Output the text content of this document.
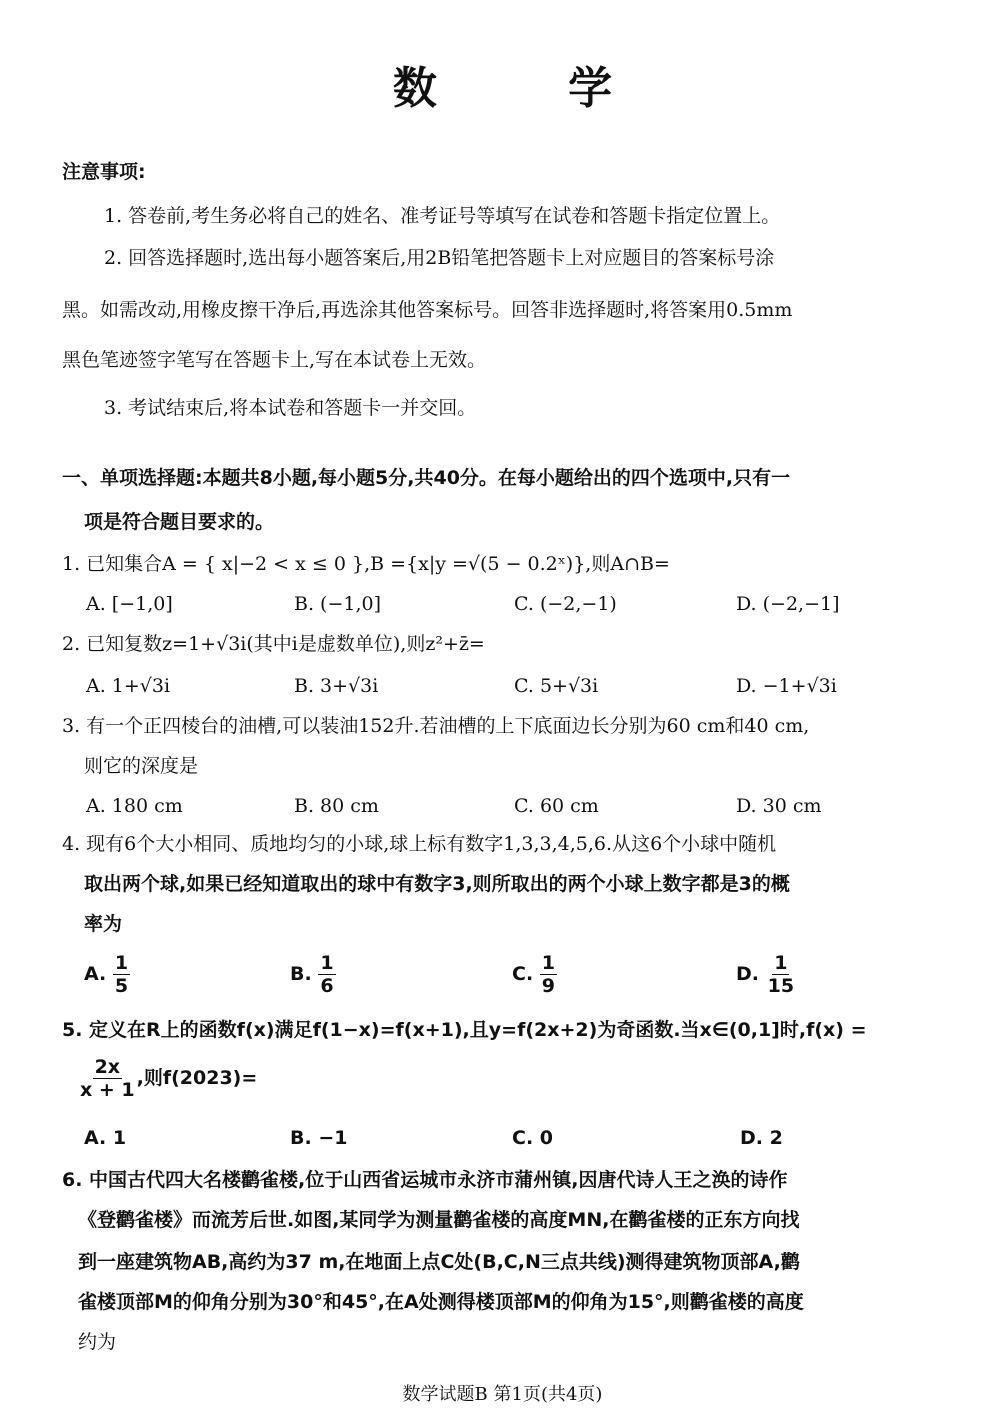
数 学
注意事项:
1. 答卷前,考生务必将自己的姓名、准考证号等填写在试卷和答题卡指定位置上。
2. 回答选择题时,选出每小题答案后,用2B铅笔把答题卡上对应题目的答案标号涂
黑。如需改动,用橡皮擦干净后,再选涂其他答案标号。回答非选择题时,将答案用0.5mm
黑色笔迹签字笔写在答题卡上,写在本试卷上无效。
3. 考试结束后,将本试卷和答题卡一并交回。
一、单项选择题:本题共8小题,每小题5分,共40分。在每小题给出的四个选项中,只有一
项是符合题目要求的。
1. 已知集合A = { x|−2 < x ≤ 0 },B ={x|y =√(5 − 0.2ˣ)},则A∩B=
A. [−1,0]	B. (−1,0]	C. (−2,−1)	D. (−2,−1]
2. 已知复数z=1+√3i(其中i是虚数单位),则z²+z̄=
A. 1+√3i	B. 3+√3i	C. 5+√3i	D. −1+√3i
3. 有一个正四棱台的油槽,可以装油152升.若油槽的上下底面边长分别为60 cm和40 cm,
则它的深度是
A. 180 cm	B. 80 cm	C. 60 cm	D. 30 cm
4. 现有6个大小相同、质地均匀的小球,球上标有数字1,3,3,4,5,6.从这6个小球中随机
取出两个球,如果已经知道取出的球中有数字3,则所取出的两个小球上数字都是3的概
率为
A. $\frac{1}{5}$	B. $\frac{1}{6}$	C. $\frac{1}{9}$	D. $\frac{1}{15}$
5. 定义在R上的函数f(x)满足f(1−x)=f(x+1),且y=f(2x+2)为奇函数.当x∈(0,1]时,f(x) =
$\frac{2x}{x + 1}$ ,则f(2023)=
A. 1	B. −1	C. 0	D. 2
6. 中国古代四大名楼鹳雀楼,位于山西省运城市永济市蒲州镇,因唐代诗人王之涣的诗作
《登鹳雀楼》而流芳后世.如图,某同学为测量鹳雀楼的高度MN,在鹳雀楼的正东方向找
到一座建筑物AB,高约为37 m,在地面上点C处(B,C,N三点共线)测得建筑物顶部A,鹳
雀楼顶部M的仰角分别为30°和45°,在A处测得楼顶部M的仰角为15°,则鹳雀楼的高度
约为
数学试题B 第1页(共4页)
